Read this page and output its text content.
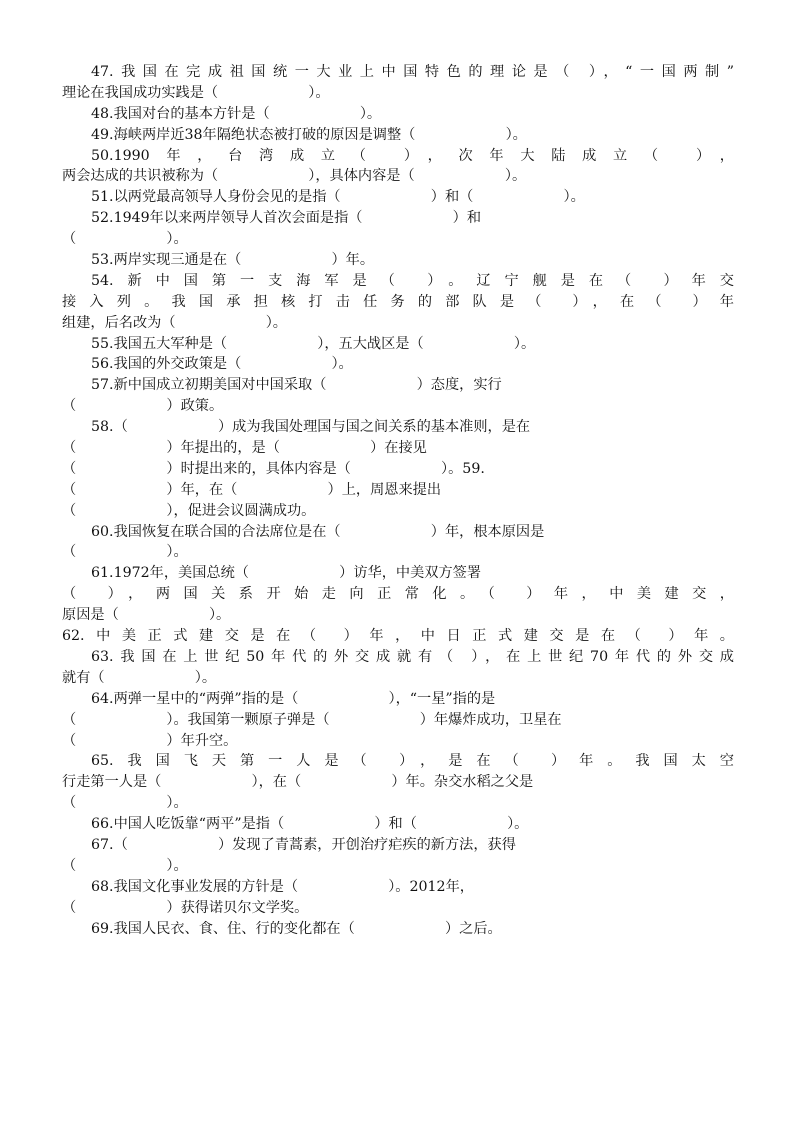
47.我国在完成祖国统一大业上中国特色的理论是（ ），“一国两制”
理论在我国成功实践是（                    ）。
48.我国对台的基本方针是（                    ）。
49.海峡两岸近38年隔绝状态被打破的原因是调整（                    ）。
50.1990年，台湾成立（ ），次年大陆成立（ ），
两会达成的共识被称为（                    ），具体内容是（                    ）。
51.以两党最高领导人身份会见的是指（                    ）和（                    ）。
52.1949年以来两岸领导人首次会面是指（                    ）和
（                    ）。
53.两岸实现三通是在（                    ）年。
54.新中国第一支海军是（ ）。辽宁舰是在（ ）年交
接入列。我国承担核打击任务的部队是（ ），在（ ）年
组建，后名改为（                    ）。
55.我国五大军种是（                    ），五大战区是（                    ）。
56.我国的外交政策是（                    ）。
57.新中国成立初期美国对中国采取（                    ）态度，实行
（                    ）政策。
58.（                    ）成为我国处理国与国之间关系的基本准则，是在
（                    ）年提出的，是（                    ）在接见
（                    ）时提出来的，具体内容是（                    ）。59.
（                    ）年，在（                    ）上，周恩来提出
（                    ），促进会议圆满成功。
60.我国恢复在联合国的合法席位是在（                    ）年，根本原因是
（                    ）。
61.1972年，美国总统（                    ）访华，中美双方签署
（ ），两国关系开始走向正常化。（ ）年，中美建交，
原因是（                    ）。
62.中美正式建交是在（ ）年，中日正式建交是在（ ）年。
63.我国在上世纪50年代的外交成就有（ ），在上世纪70年代的外交成
就有（                    ）。
64.两弹一星中的“两弹”指的是（                    ），“一星”指的是
（                    ）。我国第一颗原子弹是（                    ）年爆炸成功，卫星在
（                    ）年升空。
65.我国飞天第一人是（ ），是在（ ）年。我国太空
行走第一人是（                    ），在（                    ）年。杂交水稻之父是
（                    ）。
66.中国人吃饭靠“两平”是指（                    ）和（                    ）。
67.（                    ）发现了青蒿素，开创治疗疟疾的新方法，获得
（                    ）。
68.我国文化事业发展的方针是（                    ）。2012年，
（                    ）获得诺贝尔文学奖。
69.我国人民衣、食、住、行的变化都在（                    ）之后。
